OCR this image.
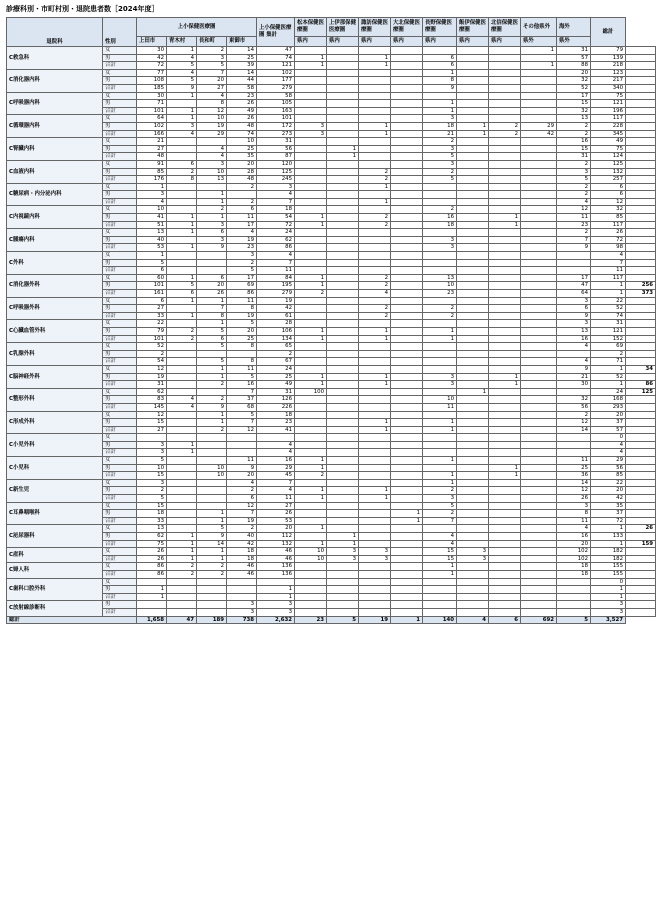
診療科別・市町村別・退院患者数［2024年度］
退院科	性別	上小保健医療圏				上小保健医療圏 集計	松本保健医療圏	上伊那保健医療圏	諏訪保健医療圏	大北保健医療圏	長野保健医療圏	飯伊保健医療圏	北信保健医療圏	その他県外	海外	総計	
		上田市	青木村	長和町	東御市		県内	県内	県内	県内	県内	県内	県内	県外	県外		
C救急科	女	30	1	2	14	47								1	31	79	
	男	42	4	3	25	74	1		1		6				57	139	
	合計	72	5	5	39	121	1		1		6			1	88	218	
C消化器内科	女	77	4	7	14	102					1				20	123	
	男	108	5	20	44	177					8				32	217	
	合計	185	9	27	58	279					9				52	340	
C呼吸器内科	女	30	1	4	23	58									17	75	
	男	71		8	26	105					1				15	121	
	合計	101	1	12	49	163					1				32	196	
C循環器内科	女	64	1	10	26	101					3				13	117	
	男	102	3	19	48	172	3		1		18	1	2	29	2	228	
	合計	166	4	29	74	273	3		1		21	1	2	42	2	345	
C腎臓内科	女	21			10	31					2				16	49	
	男	27		4	25	56		1			3				15	75	
	合計	48		4	35	87		1			5				31	124	
C血液内科	女	91	6	3	20	120					3				2	125	
	男	85	2	10	28	125			2		2				3	132	
	合計	176	8	13	48	245			2		5				5	257	
C糖尿病・内分泌内科	女	1			2	3			1						2	6	
	男	3		1		4									2	6	
	合計	4		1	2	7			1						4	12	
C内視鏡内科	女	10		2	6	18					2				12	32	
	男	41	1	1	11	54	1		2		16		1		11	85	
	合計	51	1	3	17	72	1		2		18		1		23	117	
C腫瘍内科	女	13	1	6	4	24									2	26	
	男	40		3	19	62					3				7	72	
	合計	53	1	9	23	86					3				9	98	
C外科	女	1			3	4										4	
	男	5			2	7										7	
	合計	6			5	11										11	
C消化器外科	女	60	1	6	17	84	1		2		13				17	117	
	男	101	5	20	69	195	1		2		10				47	1	256
	合計	161	6	26	86	279	2		4		23				64	1	373
C呼吸器外科	女	6	1	1	11	19									3	22	
	男	27		7	8	42			2		2				6	52	
	合計	33	1	8	19	61			2		2				9	74	
C心臓血管外科	女	22		1	5	28									3	31	
	男	79	2	5	20	106	1		1		1				13	121	
	合計	101	2	6	25	134	1		1		1				16	152	
C乳腺外科	女	52		5	8	65									4	69	
	男	2				2										2	
	合計	54		5	8	67									4	71	
C脳神経外科	女	12		1	11	24									9	1	34
	男	19		1	5	25	1		1		3		1		21	52	
	合計	31		2	16	49	1		1		3		1		30	1	86
C整形外科	女	62			7	31	100					1				24	125
	男	83	4	2	37	126					10				32	168	
	合計	145	4	9	68	226					11				56	293	
C形成外科	女	12		1	5	18									2	20	
	男	15		1	7	23			1		1				12	37	
	合計	27		2	12	41			1		1				14	57	
C小児外科	女															0	
	男	3	1			4										4	
	合計	3	1			4										4	
C小児科	女	5			11	16	1				1				11	29	
	男	10		10	9	29	1						1		25	56	
	合計	15		10	20	45	2				1		1		36	85	
C新生児	女	3			4	7					1				14	22	
	男	2			2	4	1		1		2				12	20	
	合計	5			6	11	1		1		3				26	42	
C耳鼻咽喉科	女	15			12	27					5				3	35	
	男	18		1	7	26				1	2				8	37	
	合計	33		1	19	53				1	7				11	72	
C泌尿器科	女	13		5	2	20	1								4	1	26
	男	62	1	9	40	112		1			4				16	133	
	合計	75	1	14	42	132	1	1			4				20	1	159
C産科	女	26	1	1	18	46	10	3	3		15	3			102	182	
	合計	26	1	1	18	46	10	3	3		15	3			102	182	
C婦人科	女	86	2	2	46	136					1				18	155	
	合計	86	2	2	46	136					1				18	155	
C歯科口腔外科	女															0	
	男	1				1										1	
	合計	1				1										1	
C放射線診断科	男				3	3										3	
	合計				3	3										3	
総計		1,658	47	189	738	2,632	23	5	19	1	140	4	6	692	5	3,527	
